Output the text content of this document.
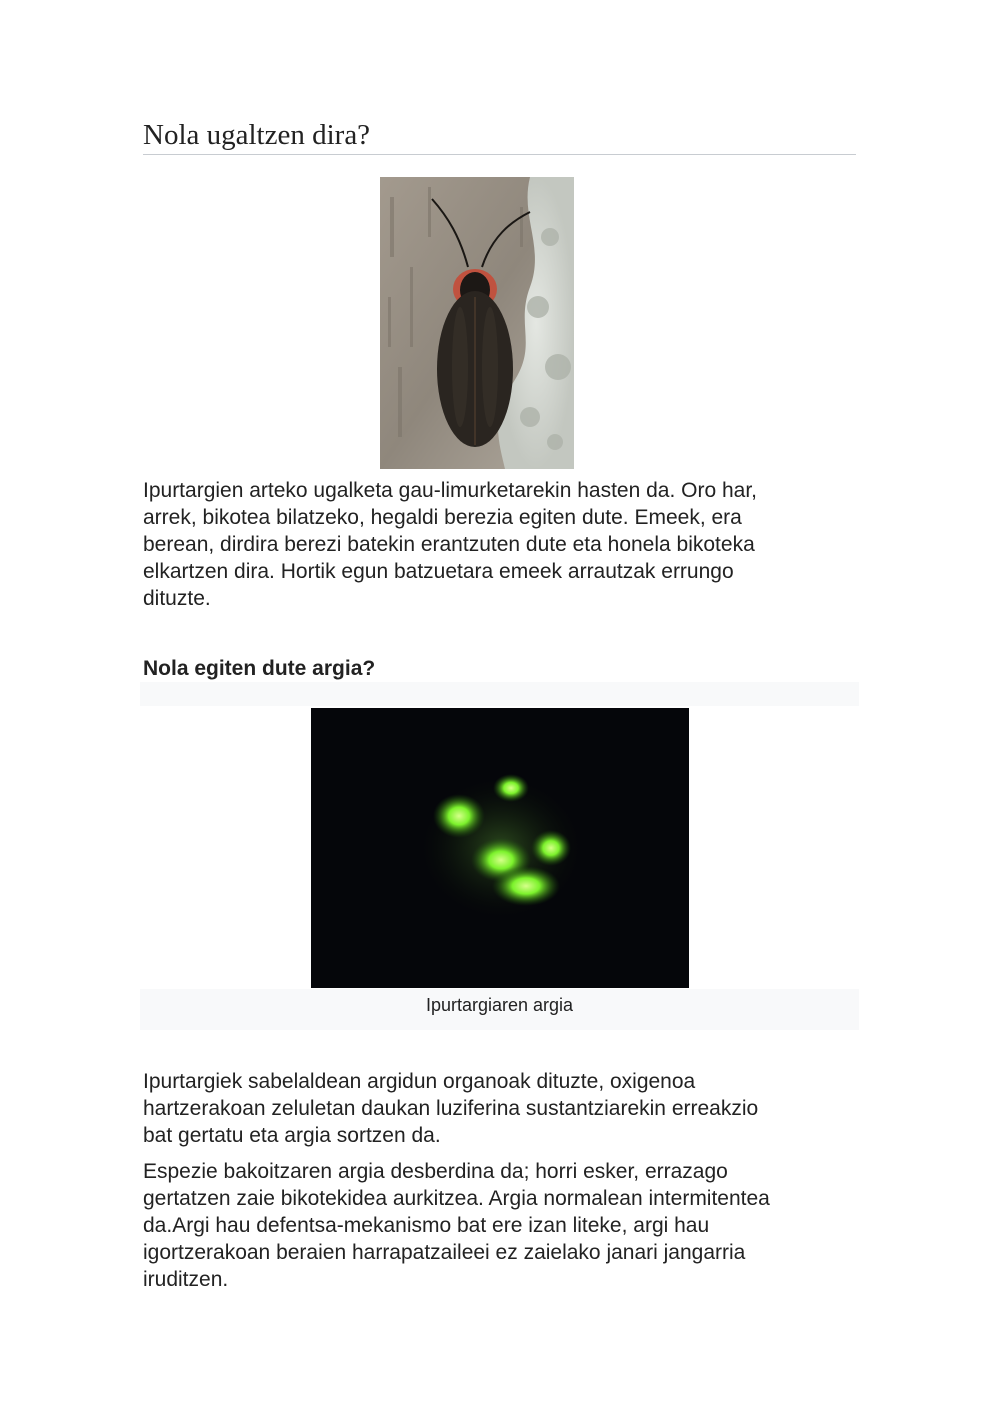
Nola ugaltzen dira?

Ipurtargien arteko ugalketa gau-limurketarekin hasten da. Oro har,
arrek, bikotea bilatzeko, hegaldi berezia egiten dute. Emeek, era
berean, dirdira berezi batekin erantzuten dute eta honela bikoteka
elkartzen dira. Hortik egun batzuetara emeek arrautzak errungo
dituzte.

Nola egiten dute argia?
Ipurtargiaren argia

Ipurtargiek sabelaldean argidun organoak dituzte, oxigenoa
hartzerakoan zeluletan daukan luziferina sustantziarekin erreakzio
bat gertatu eta argia sortzen da.

Espezie bakoitzaren argia desberdina da; horri esker, errazago
gertatzen zaie bikotekidea aurkitzea. Argia normalean intermitentea
da.Argi hau defentsa-mekanismo bat ere izan liteke, argi hau
igortzerakoan beraien harrapatzaileei ez zaielako janari jangarria
iruditzen.
